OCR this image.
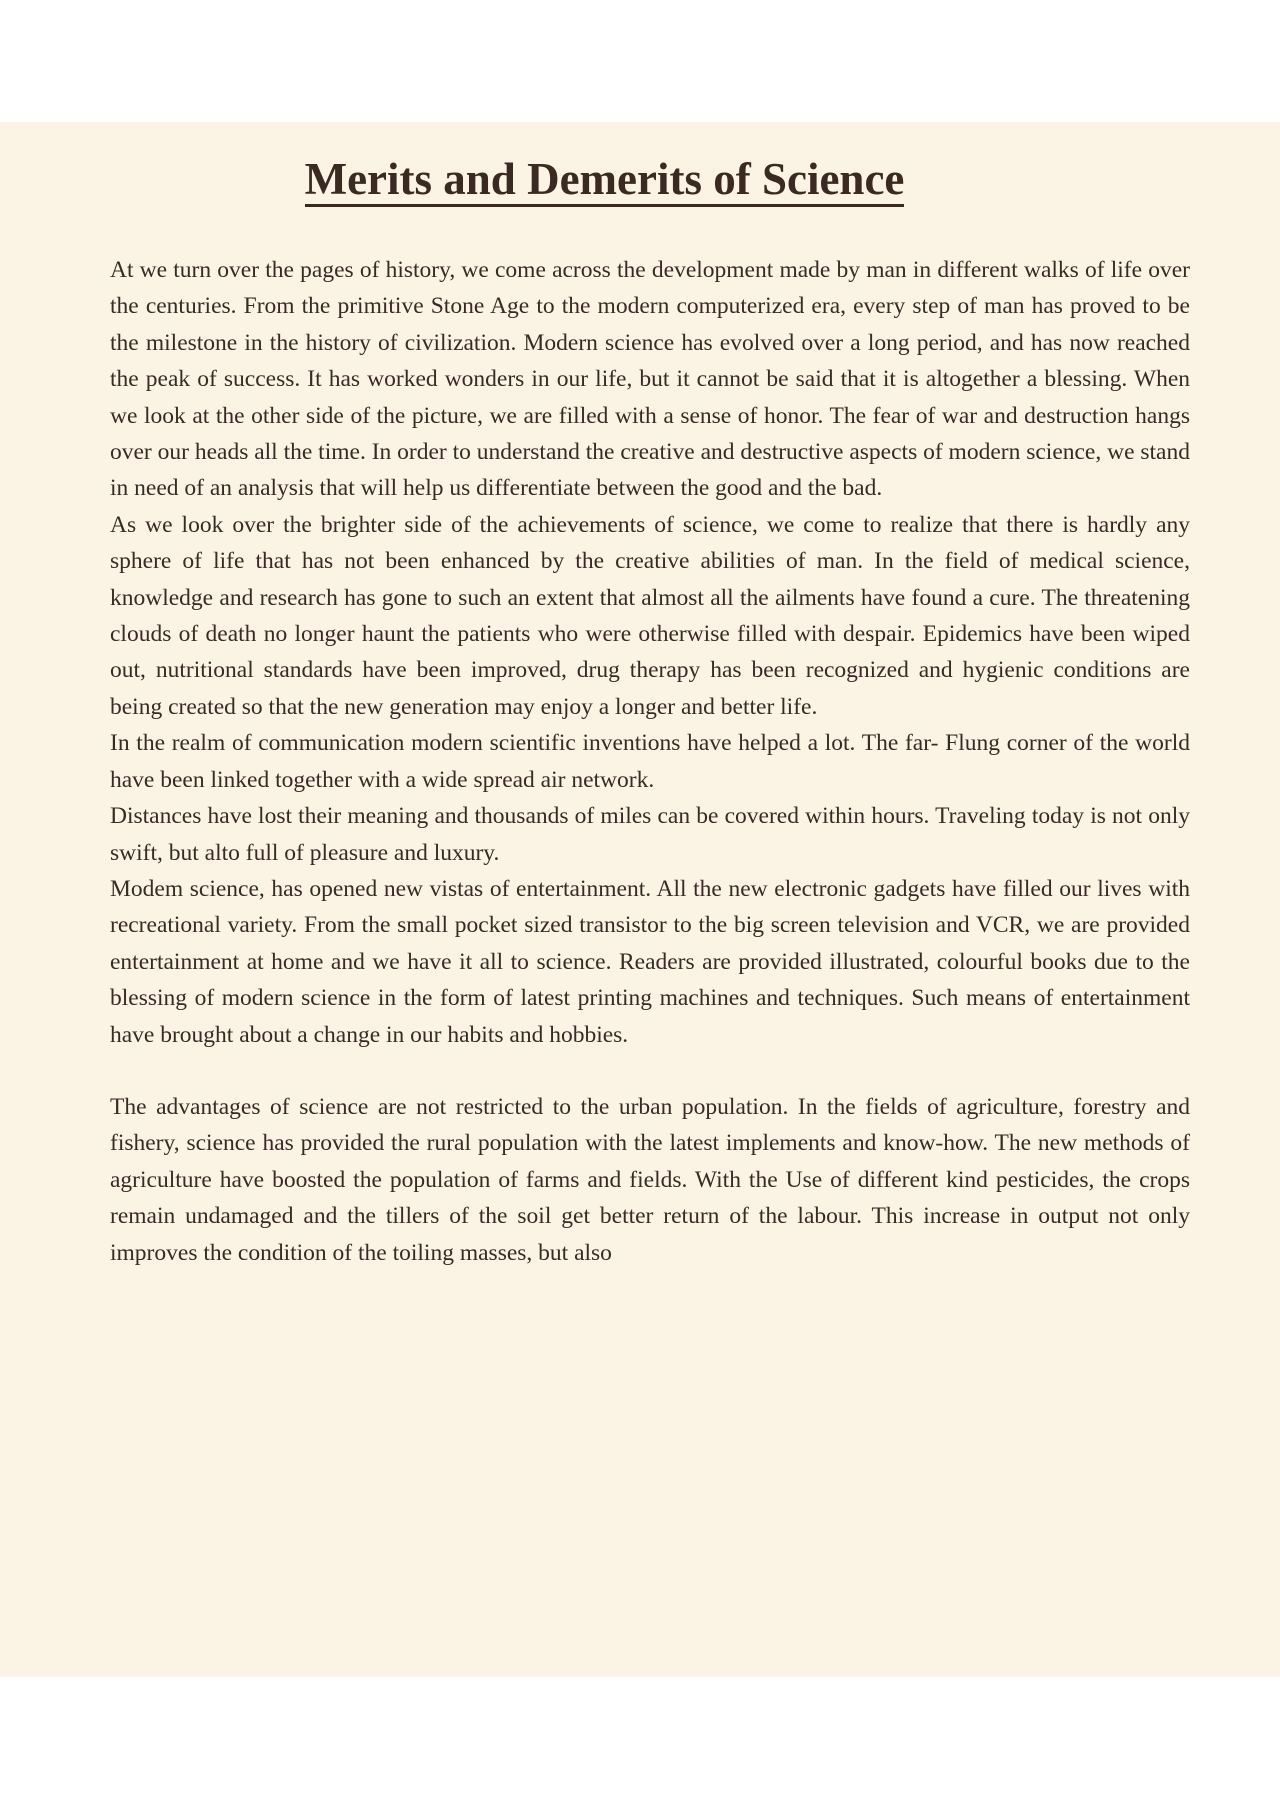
Merits and Demerits of Science

At we turn over the pages of history, we come across the development made by man in different walks of life over the centuries. From the primitive Stone Age to the modern computerized era, every step of man has proved to be the milestone in the history of civilization. Modern science has evolved over a long period, and has now reached the peak of success. It has worked wonders in our life, but it cannot be said that it is altogether a blessing. When we look at the other side of the picture, we are filled with a sense of honor. The fear of war and destruction hangs over our heads all the time. In order to understand the creative and destructive aspects of modern science, we stand in need of an analysis that will help us differentiate between the good and the bad.

As we look over the brighter side of the achievements of science, we come to realize that there is hardly any sphere of life that has not been enhanced by the creative abilities of man. In the field of medical science, knowledge and research has gone to such an extent that almost all the ailments have found a cure. The threatening clouds of death no longer haunt the patients who were otherwise filled with despair. Epidemics have been wiped out, nutritional standards have been improved, drug therapy has been recognized and hygienic conditions are being created so that the new generation may enjoy a longer and better life.

In the realm of communication modern scientific inventions have helped a lot. The far- Flung corner of the world have been linked together with a wide spread air network.

Distances have lost their meaning and thousands of miles can be covered within hours. Traveling today is not only swift, but alto full of pleasure and luxury.

Modem science, has opened new vistas of entertainment. All the new electronic gadgets have filled our lives with recreational variety. From the small pocket sized transistor to the big screen television and VCR, we are provided entertainment at home and we have it all to science. Readers are provided illustrated, colourful books due to the blessing of modern science in the form of latest printing machines and techniques. Such means of entertainment have brought about a change in our habits and hobbies.

The advantages of science are not restricted to the urban population. In the fields of agriculture, forestry and fishery, science has provided the rural population with the latest implements and know-how. The new methods of agriculture have boosted the population of farms and fields. With the Use of different kind pesticides, the crops remain undamaged and the tillers of the soil get better return of the labour. This increase in output not only improves the condition of the toiling masses, but also
